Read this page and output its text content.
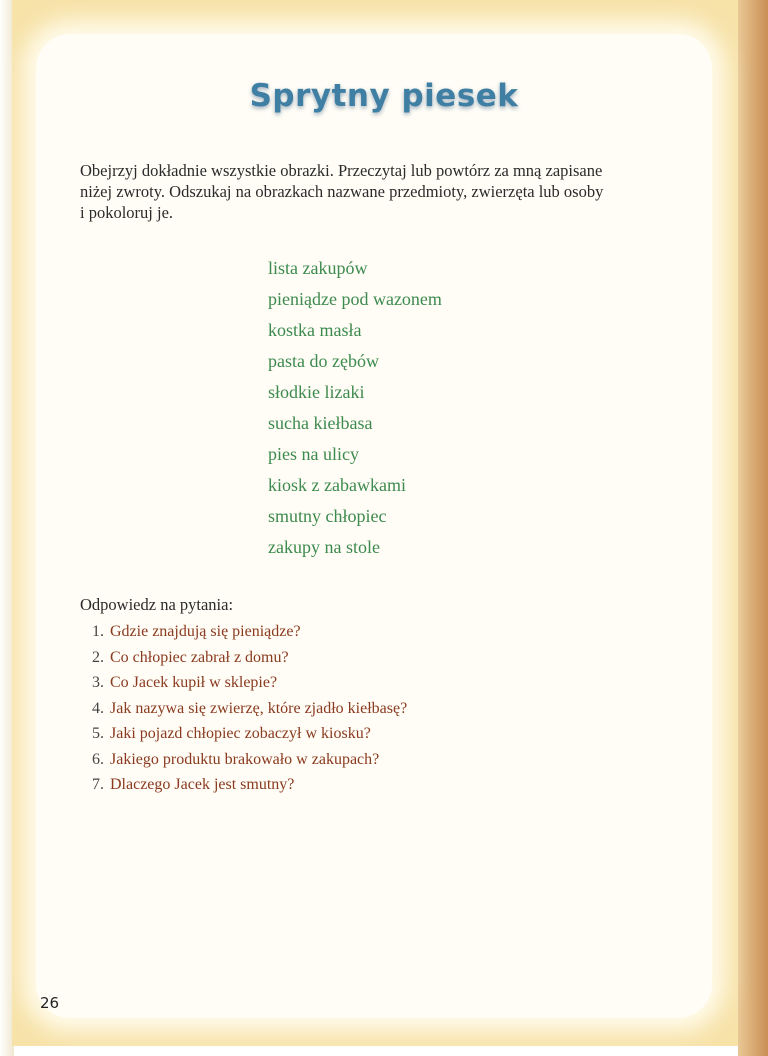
Sprytny piesek

Obejrzyj dokładnie wszystkie obrazki. Przeczytaj lub powtórz za mną zapisane

niżej zwroty. Odszukaj na obrazkach nazwane przedmioty, zwierzęta lub osoby

i pokoloruj je.

lista zakupów
pieniądze pod wazonem
kostka masła
pasta do zębów
słodkie lizaki
sucha kiełbasa
pies na ulicy
kiosk z zabawkami
smutny chłopiec
zakupy na stole
Odpowiedz na pytania:
1. Gdzie znajdują się pieniądze?
2. Co chłopiec zabrał z domu?
3. Co Jacek kupił w sklepie?
4. Jak nazywa się zwierzę, które zjadło kiełbasę?
5. Jaki pojazd chłopiec zobaczył w kiosku?
6. Jakiego produktu brakowało w zakupach?
7. Dlaczego Jacek jest smutny?
26
